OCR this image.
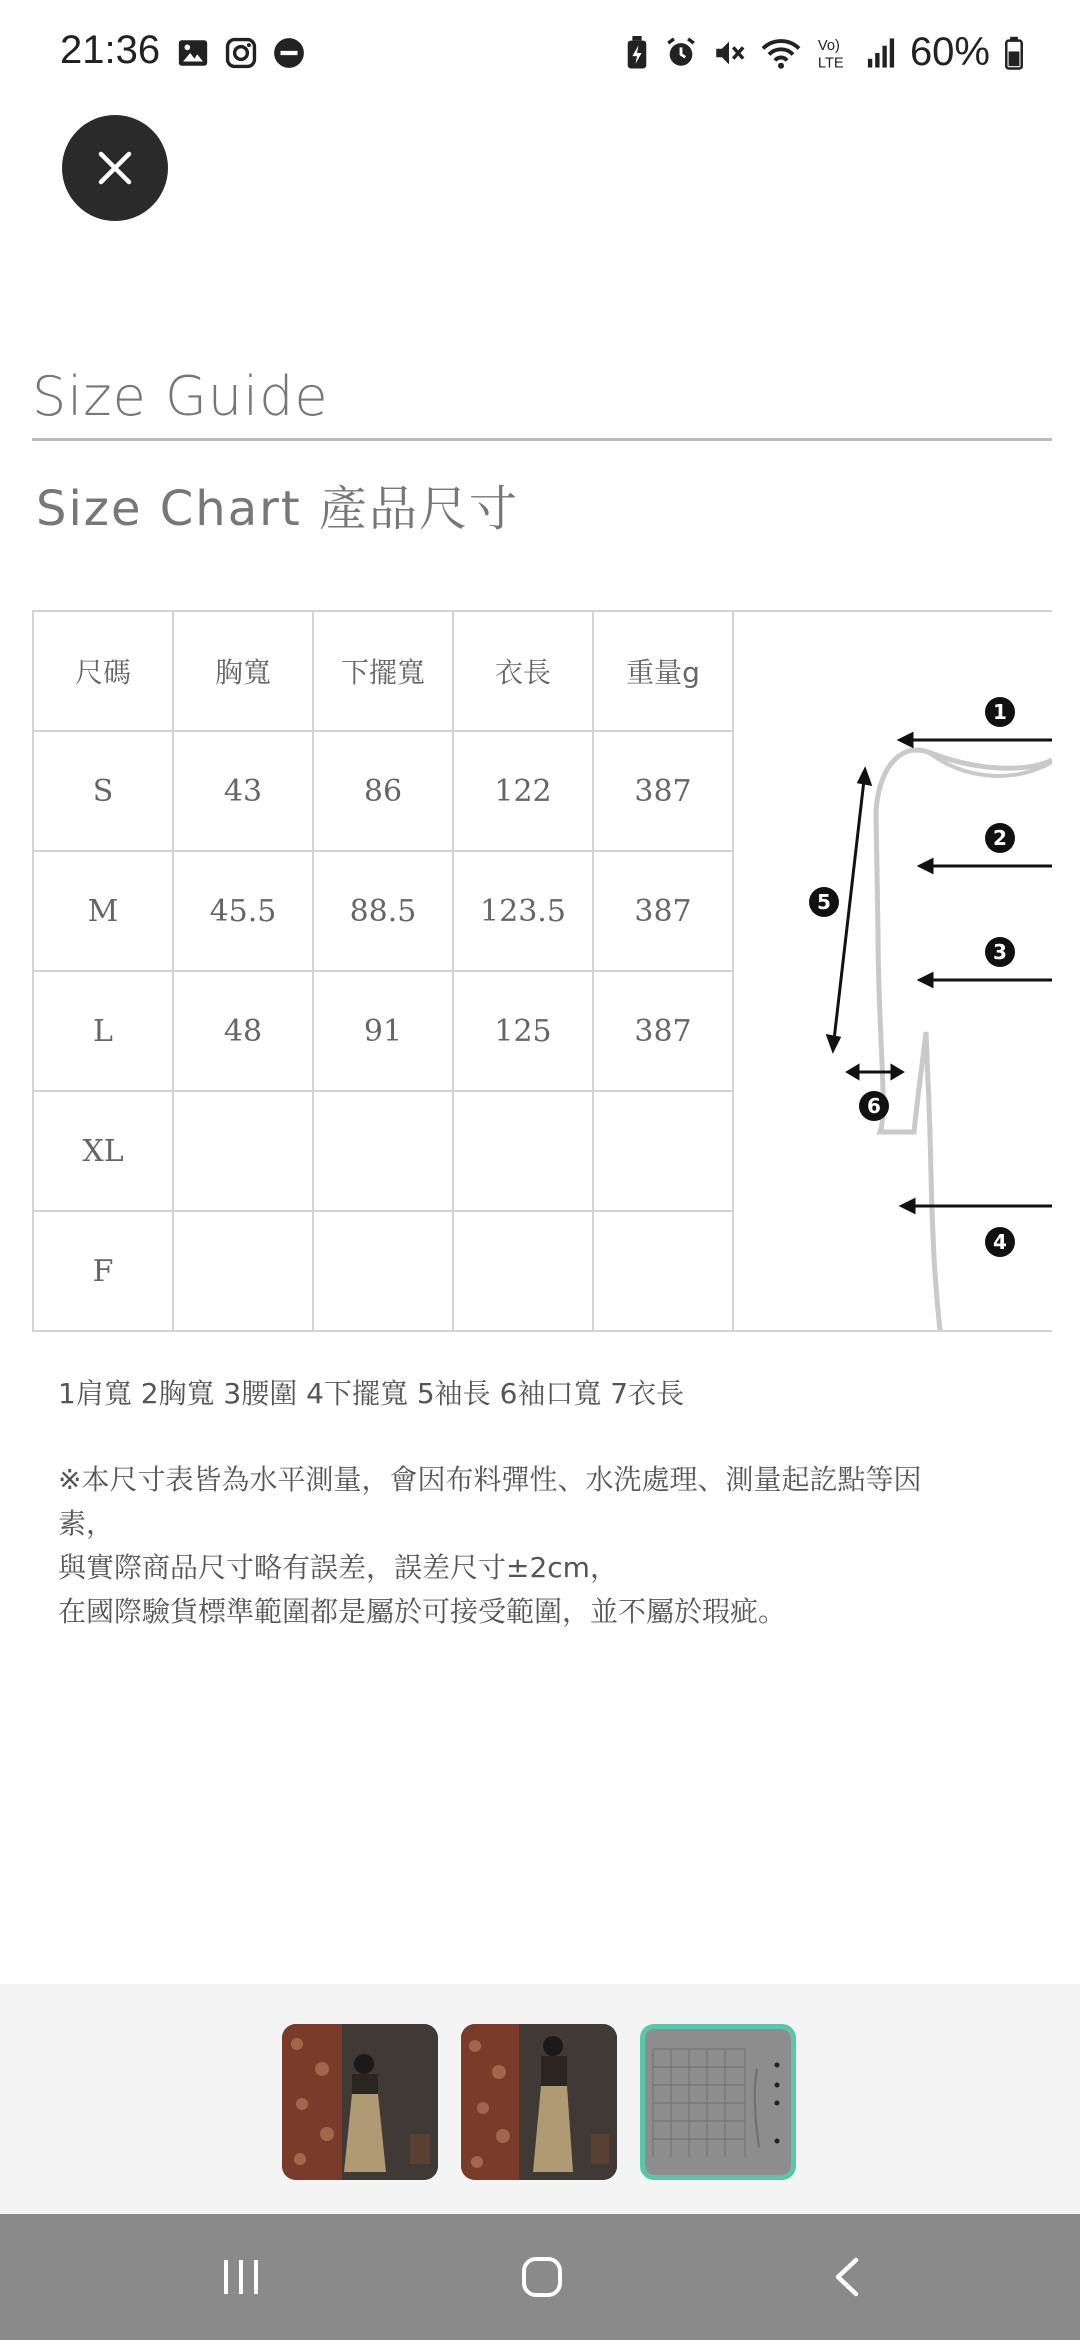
21:36	Vo)
LTE 60%
Size Guide
Size Chart 產品尺寸
尺碼	胸寬	下擺寬	衣長	重量g
S	43	86	122	387
M	45.5	88.5	123.5	387
L	48	91	125	387
XL				
F				
1
2
3
4
5
6

1肩寬 2胸寬 3腰圍 4下擺寬 5袖長 6袖口寬 7衣長

※本尺寸表皆為水平測量，會因布料彈性、水洗處理、測量起訖點等因

素，

與實際商品尺寸略有誤差，誤差尺寸±2cm，

在國際驗貨標準範圍都是屬於可接受範圍，並不屬於瑕疵。
